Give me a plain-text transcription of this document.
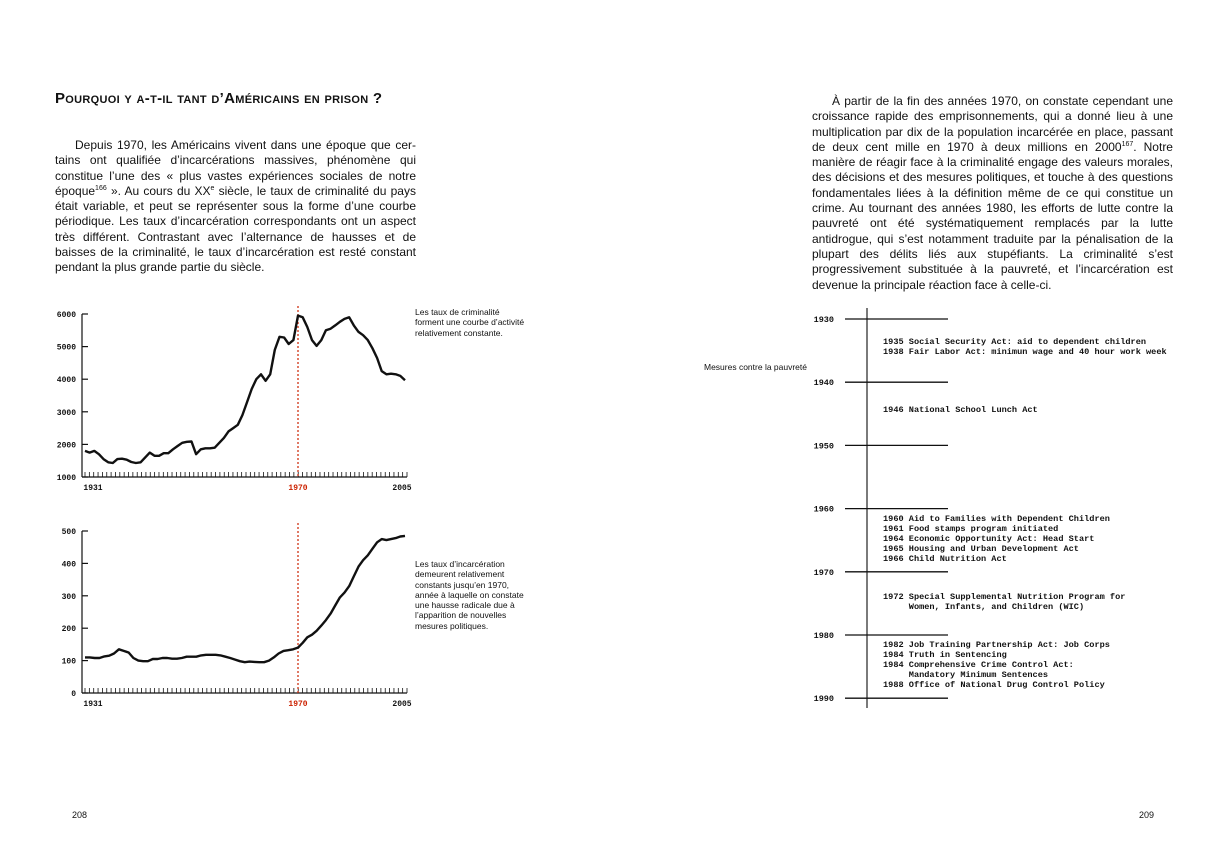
Pourquoi y a-t-il tant d’Américains en prison ?
Depuis 1970, les Américains vivent dans une époque que certains ont qualifiée d’incarcérations massives, phénomène qui constitue l’une des « plus vastes expériences sociales de notre époque$^{166}$ ». Au cours du XXe siècle, le taux de criminalité du pays était variable, et peut se représenter sous la forme d’une courbe périodique. Les taux d’incarcération correspondants ont un aspect très différent. Contrastant avec l’alternance de hausses et de baisses de la criminalité, le taux d’incarcération est resté constant pendant la plus grande partie du siècle.
À partir de la fin des années 1970, on constate cependant une croissance rapide des emprisonnements, qui a donné lieu à une multiplication par dix de la population incarcérée en place, passant de deux cent mille en 1970 à deux millions en 2000$^{167}$. Notre manière de réagir face à la criminalité engage des valeurs morales, des décisions et des mesures politiques, et touche à des questions fondamentales liées à la définition même de ce qui constitue un crime. Au tournant des années 1980, les efforts de lutte contre la pauvreté ont été systématiquement remplacés par la lutte antidrogue, qui s’est notamment traduite par la pénalisation de la plupart des délits liés aux stupéfiants. La criminalité s’est progressivement substituée à la pauvreté, et l’incarcération est devenue la principale réaction face à celle-ci.
1000
2000
3000
4000
5000
6000
1931	1970	2005
0
100
200
300
400
500
1931	1970	2005
1930
1940
1950
1960
1970
1980
1990
Les taux de criminalité forment une courbe d’activité relativement constante.
Les taux d’incarcération demeurent relativement constants jusqu’en 1970, année à laquelle on constate une hausse radicale due à l’apparition de nouvelles mesures politiques.
Mesures contre la pauvreté
1935 Social Security Act: aid to dependent children
1938 Fair Labor Act: minimun wage and 40 hour work week
1946 National School Lunch Act
1960 Aid to Families with Dependent Children
1961 Food stamps program initiated
1964 Economic Opportunity Act: Head Start
1965 Housing and Urban Development Act
1966 Child Nutrition Act
1972 Special Supplemental Nutrition Program for
Women, Infants, and Children (WIC)
1982 Job Training Partnership Act: Job Corps
1984 Truth in Sentencing
1984 Comprehensive Crime Control Act:
Mandatory Minimum Sentences
1988 Office of National Drug Control Policy
208	209
